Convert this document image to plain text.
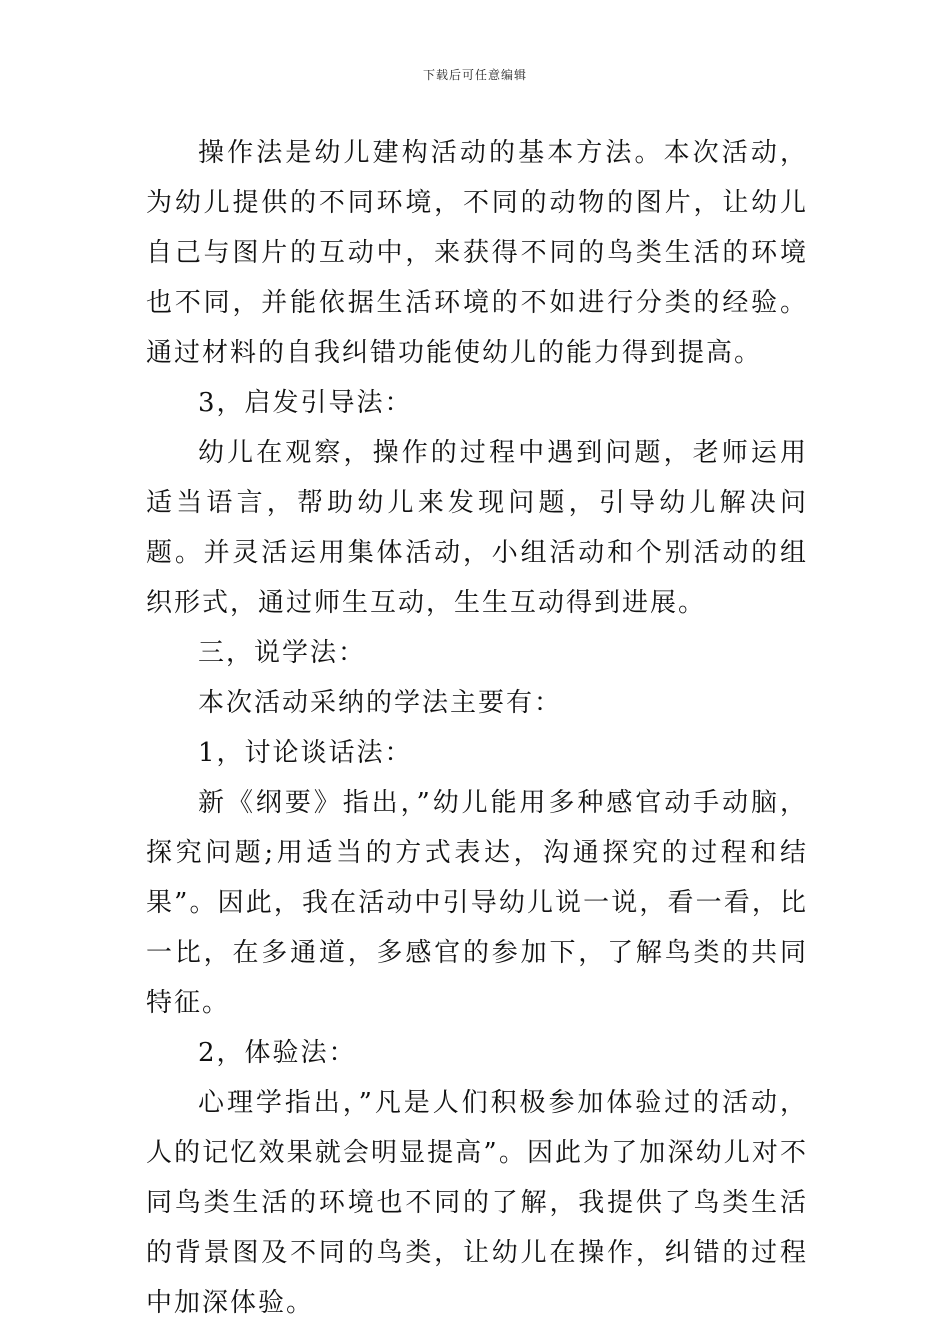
下载后可任意编辑

操作法是幼儿建构活动的基本方法。本次活动，为幼儿提供的不同环境，不同的动物的图片，让幼儿自己与图片的互动中，来获得不同的鸟类生活的环境也不同，并能依据生活环境的不如进行分类的经验。通过材料的自我纠错功能使幼儿的能力得到提高。

3，启发引导法：

幼儿在观察，操作的过程中遇到问题，老师运用适当语言，帮助幼儿来发现问题，引导幼儿解决问题。并灵活运用集体活动，小组活动和个别活动的组织形式，通过师生互动，生生互动得到进展。

三，说学法：

本次活动采纳的学法主要有：

1，讨论谈话法：

新《纲要》指出，”幼儿能用多种感官动手动脑，探究问题;用适当的方式表达，沟通探究的过程和结果”。因此，我在活动中引导幼儿说一说，看一看，比一比，在多通道，多感官的参加下，了解鸟类的共同特征。

2，体验法：

心理学指出，”凡是人们积极参加体验过的活动，人的记忆效果就会明显提高”。因此为了加深幼儿对不同鸟类生活的环境也不同的了解，我提供了鸟类生活的背景图及不同的鸟类，让幼儿在操作，纠错的过程中加深体验。
